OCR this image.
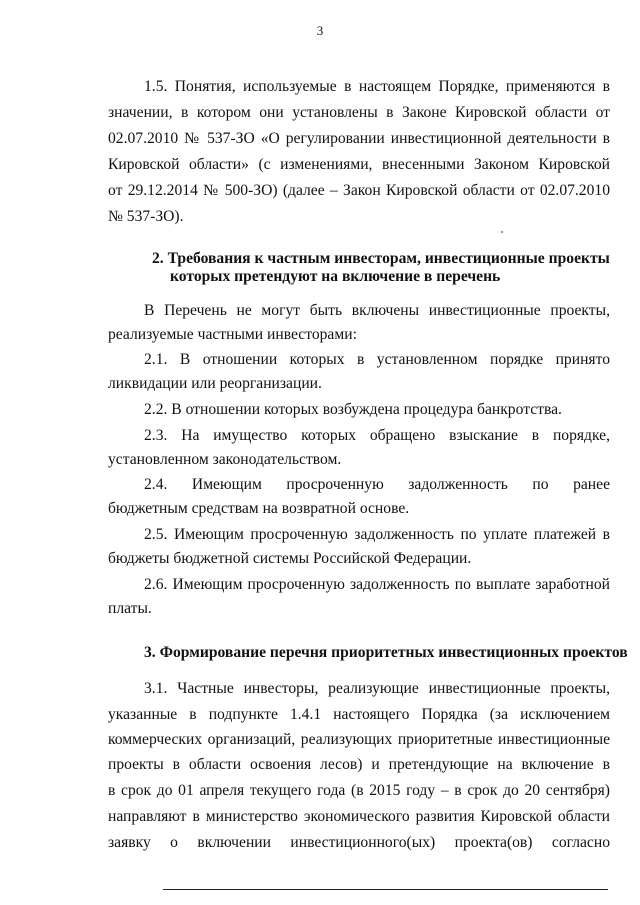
3
1.5. Понятия, используемые в настоящем Порядке, применяются в
значении, в котором они установлены в Законе Кировской области от
02.07.2010 № 537-ЗО «О регулировании инвестиционной деятельности в
Кировской области» (с изменениями, внесенными Законом Кировской
от 29.12.2014 № 500-ЗО) (далее – Закон Кировской области от 02.07.2010
№ 537-ЗО).
2. Требования к частным инвесторам, инвестиционные проекты
которых претендуют на включение в перечень
В Перечень не могут быть включены инвестиционные проекты,
реализуемые частными инвесторами:
2.1. В отношении которых в установленном порядке принято
ликвидации или реорганизации.
2.2. В отношении которых возбуждена процедура банкротства.
2.3. На имущество которых обращено взыскание в порядке,
установленном законодательством.
2.4. Имеющим просроченную задолженность по ранее
бюджетным средствам на возвратной основе.
2.5. Имеющим просроченную задолженность по уплате платежей в
бюджеты бюджетной системы Российской Федерации.
2.6. Имеющим просроченную задолженность по выплате заработной
платы.
3. Формирование перечня приоритетных инвестиционных проектов
3.1. Частные инвесторы, реализующие инвестиционные проекты,
указанные в подпункте 1.4.1 настоящего Порядка (за исключением
коммерческих организаций, реализующих приоритетные инвестиционные
проекты в области освоения лесов) и претендующие на включение в
в срок до 01 апреля текущего года (в 2015 году – в срок до 20 сентября)
направляют в министерство экономического развития Кировской области
заявку о включении инвестиционного(ых) проекта(ов) согласно
